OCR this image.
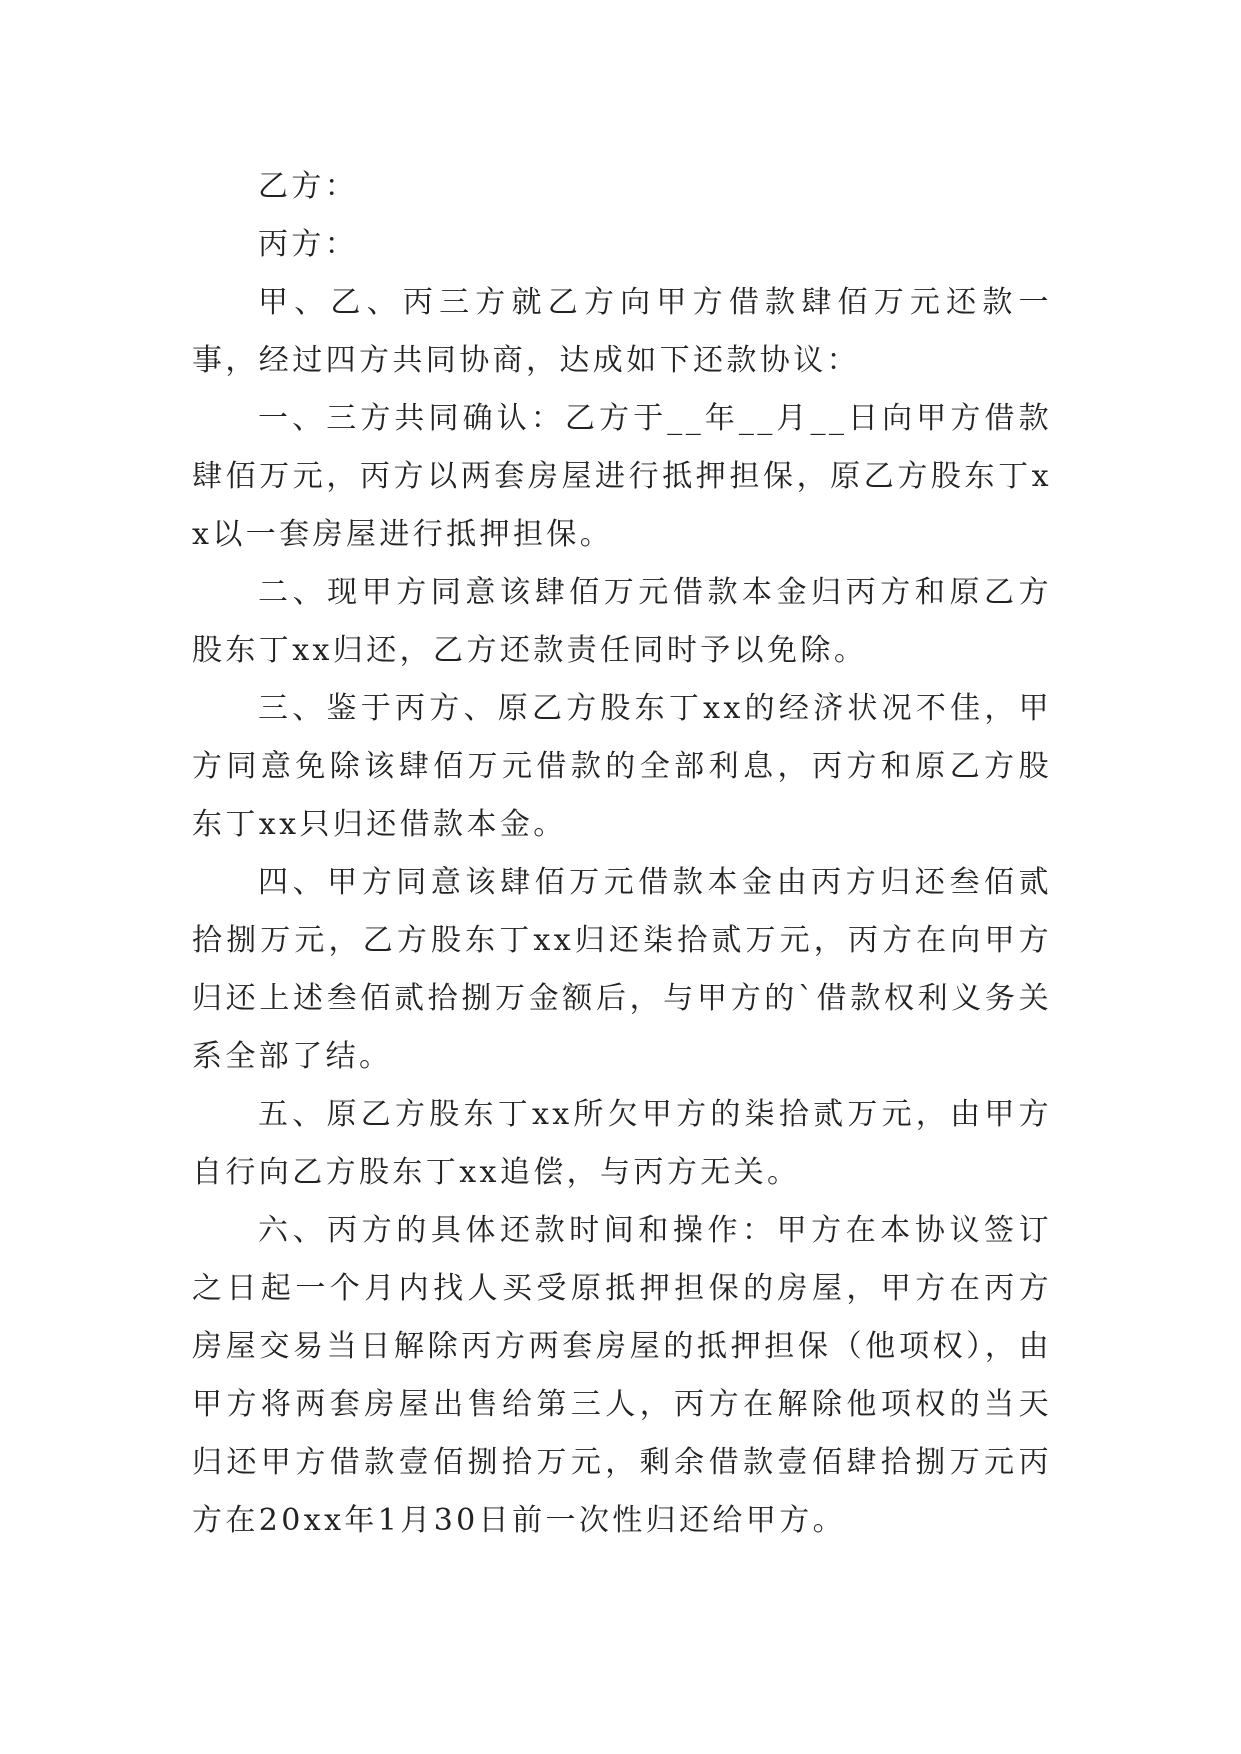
乙方：

丙方：

甲、乙、丙三方就乙方向甲方借款肆佰万元还款一事，经过四方共同协商，达成如下还款协议：

一、三方共同确认：乙方于__年__月__日向甲方借款肆佰万元，丙方以两套房屋进行抵押担保，原乙方股东丁xx以一套房屋进行抵押担保。

二、现甲方同意该肆佰万元借款本金归丙方和原乙方股东丁xx归还，乙方还款责任同时予以免除。

三、鉴于丙方、原乙方股东丁xx的经济状况不佳，甲方同意免除该肆佰万元借款的全部利息，丙方和原乙方股东丁xx只归还借款本金。

四、甲方同意该肆佰万元借款本金由丙方归还叁佰贰拾捌万元，乙方股东丁xx归还柒拾贰万元，丙方在向甲方归还上述叁佰贰拾捌万金额后，与甲方的`借款权利义务关系全部了结。

五、原乙方股东丁xx所欠甲方的柒拾贰万元，由甲方自行向乙方股东丁xx追偿，与丙方无关。

六、丙方的具体还款时间和操作：甲方在本协议签订之日起一个月内找人买受原抵押担保的房屋，甲方在丙方房屋交易当日解除丙方两套房屋的抵押担保（他项权），由甲方将两套房屋出售给第三人，丙方在解除他项权的当天归还甲方借款壹佰捌拾万元，剩余借款壹佰肆拾捌万元丙方在20xx年1月30日前一次性归还给甲方。
